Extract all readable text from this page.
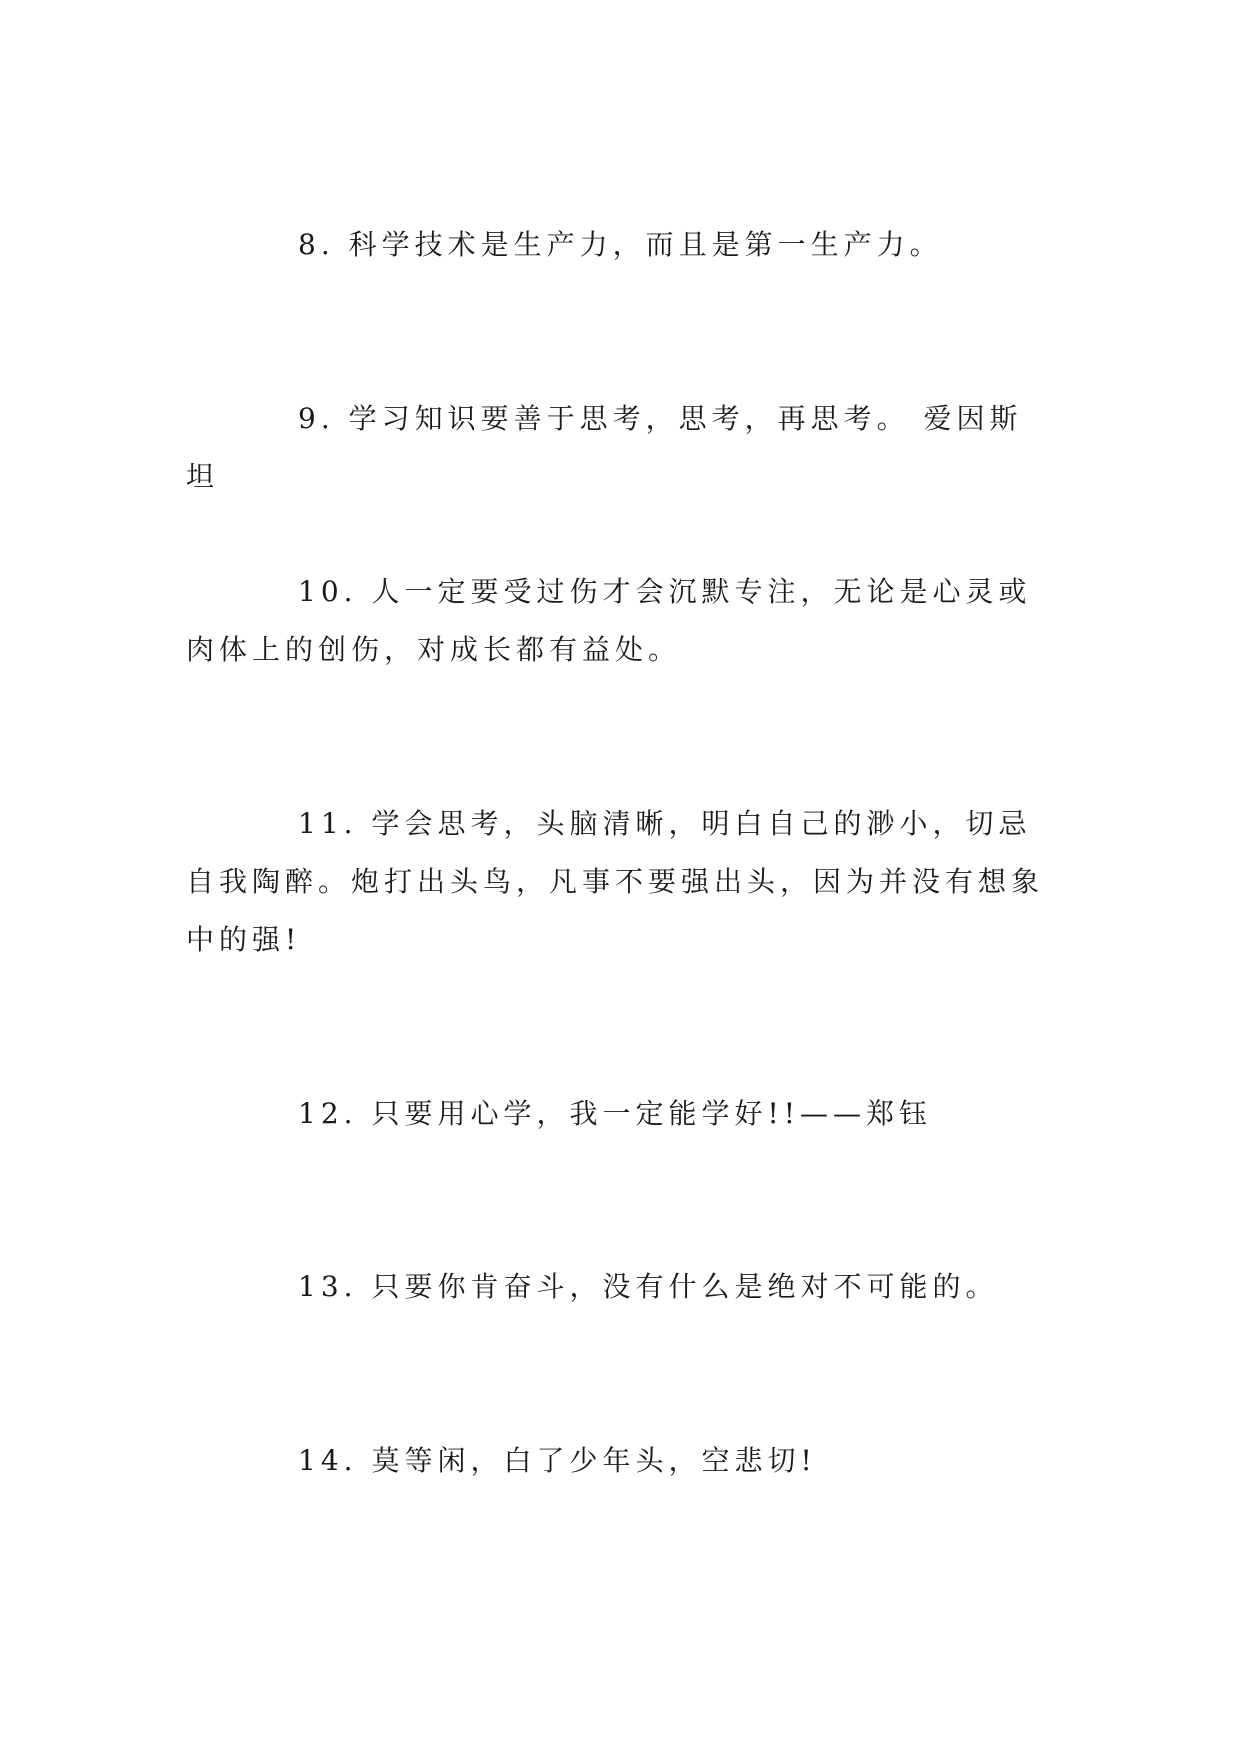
8. 科学技术是生产力，而且是第一生产力。

9. 学习知识要善于思考，思考，再思考。 爱因斯坦

10. 人一定要受过伤才会沉默专注，无论是心灵或肉体上的创伤，对成长都有益处。

11. 学会思考，头脑清晰，明白自己的渺小，切忌自我陶醉。炮打出头鸟，凡事不要强出头，因为并没有想象中的强!

12. 只要用心学，我一定能学好!!——郑钰

13. 只要你肯奋斗，没有什么是绝对不可能的。

14. 莫等闲，白了少年头，空悲切!
